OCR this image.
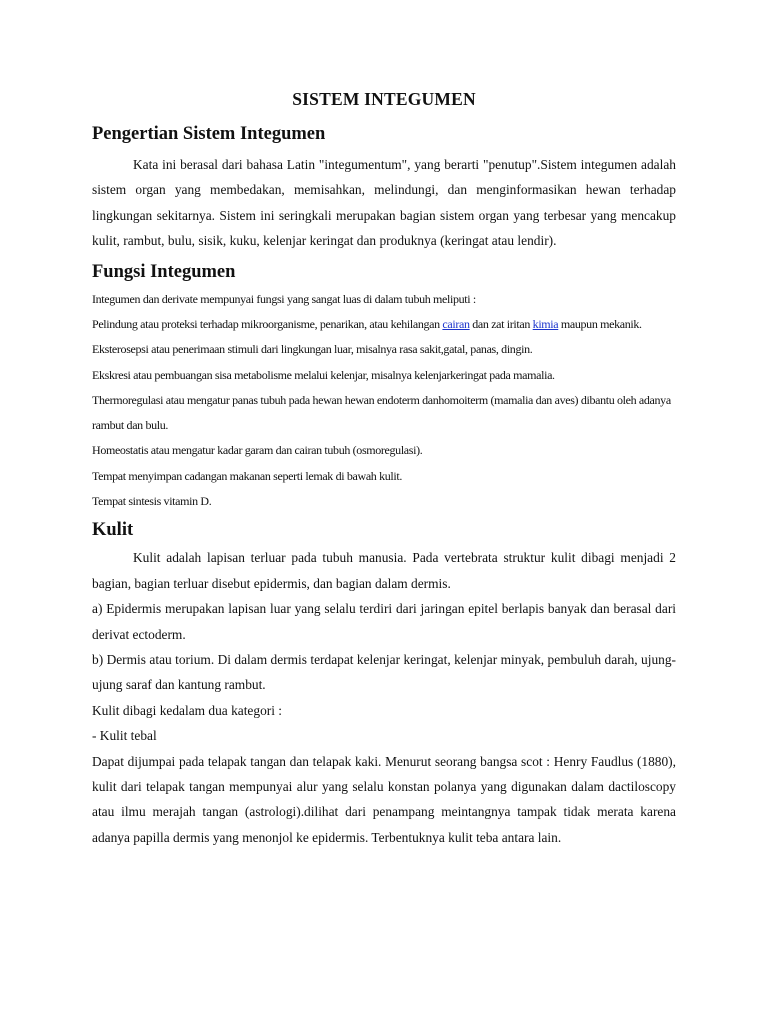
SISTEM INTEGUMEN
Pengertian Sistem Integumen

Kata ini berasal dari bahasa Latin "integumentum", yang berarti "penutup".Sistem integumen adalah sistem organ yang membedakan, memisahkan, melindungi, dan menginformasikan hewan terhadap lingkungan sekitarnya. Sistem ini seringkali merupakan bagian sistem organ yang terbesar yang mencakup kulit, rambut, bulu, sisik, kuku, kelenjar keringat dan produknya (keringat atau lendir).

Fungsi Integumen

Integumen dan derivate mempunyai fungsi yang sangat luas di dalam tubuh meliputi :

Pelindung atau proteksi terhadap mikroorganisme, penarikan, atau kehilangan cairan dan zat iritan kimia maupun mekanik. Eksterosepsi atau penerimaan stimuli dari lingkungan luar, misalnya rasa sakit,gatal, panas, dingin.

Ekskresi atau pembuangan sisa metabolisme melalui kelenjar, misalnya kelenjarkeringat pada mamalia.

Thermoregulasi atau mengatur panas tubuh pada hewan hewan endoterm danhomoiterm (mamalia dan aves) dibantu oleh adanya rambut dan bulu.

Homeostatis atau mengatur kadar garam dan cairan tubuh (osmoregulasi).

Tempat menyimpan cadangan makanan seperti lemak di bawah kulit.

Tempat sintesis vitamin D.

Kulit

Kulit adalah lapisan terluar pada tubuh manusia. Pada vertebrata struktur kulit dibagi menjadi 2 bagian, bagian terluar disebut epidermis, dan bagian dalam dermis.

a) Epidermis merupakan lapisan luar yang selalu terdiri dari jaringan epitel berlapis banyak dan berasal dari derivat ectoderm.

b) Dermis atau torium. Di dalam dermis terdapat kelenjar keringat, kelenjar minyak, pembuluh darah, ujung-ujung saraf dan kantung rambut.

Kulit dibagi kedalam dua kategori :

- Kulit tebal

Dapat dijumpai pada telapak tangan dan telapak kaki. Menurut seorang bangsa scot : Henry Faudlus (1880), kulit dari telapak tangan mempunyai alur yang selalu konstan polanya yang digunakan dalam dactiloscopy atau ilmu merajah tangan (astrologi).dilihat dari penampang meintangnya tampak tidak merata karena adanya papilla dermis yang menonjol ke epidermis. Terbentuknya kulit teba antara lain.
